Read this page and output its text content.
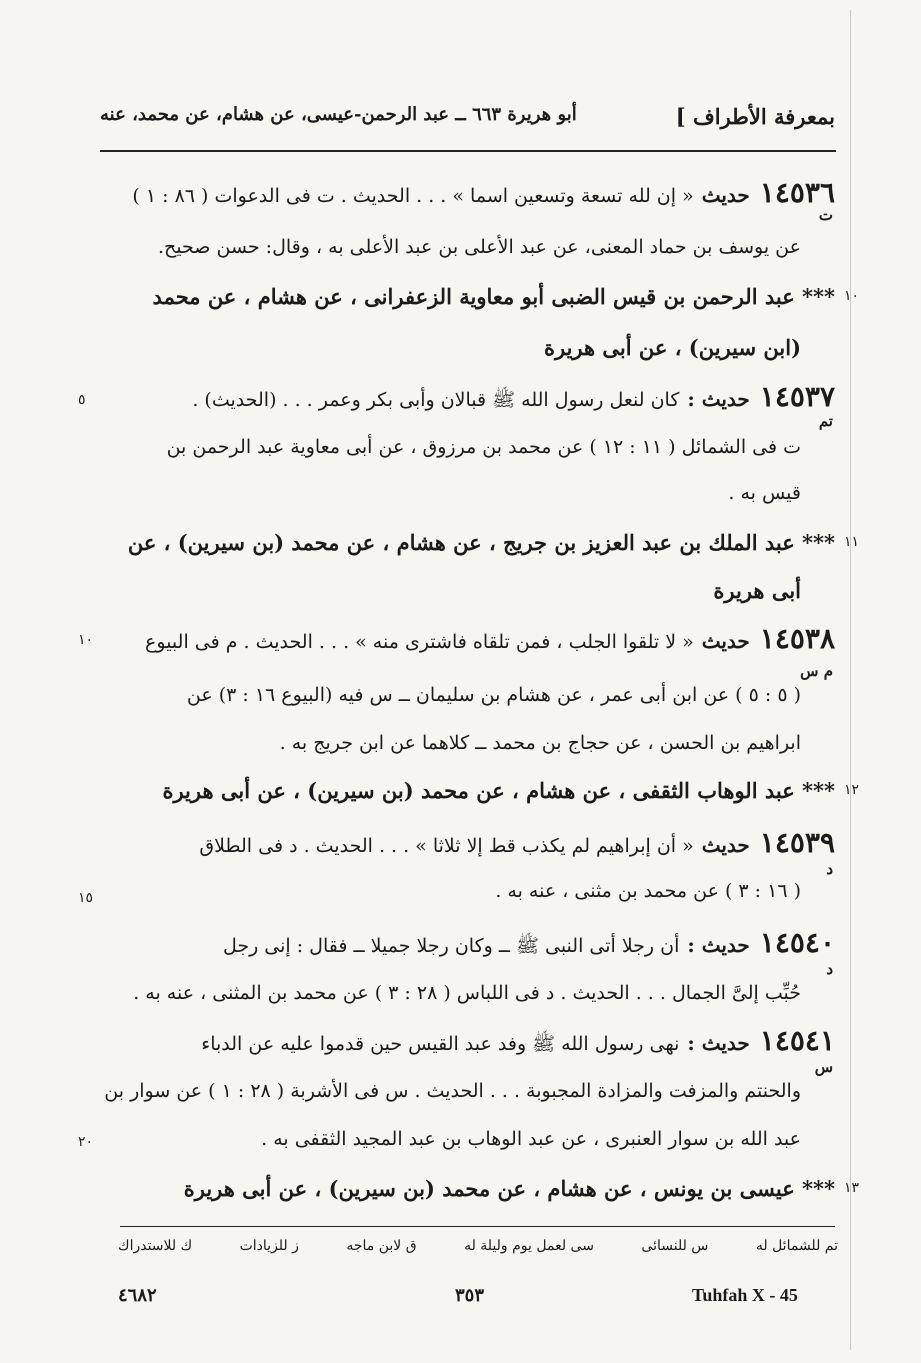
بمعرفة الأطراف ]
أبو هريرة ٦٦٣ ــ عبد الرحمن-عيسى، عن هشام، عن محمد، عنه
١٤٥٣٦حديث« إن لله تسعة وتسعين اسما » . . . الحديث . ت فى الدعوات ( ٨٦ : ١ )
ت
عن يوسف بن حماد المعنى، عن عبد الأعلى بن عبد الأعلى به ، وقال: حسن صحيح.
١٠
*** عبد الرحمن بن قيس الضبى أبو معاوية الزعفرانى ، عن هشام ، عن محمد
(ابن سيرين) ، عن أبى هريرة
٥	١٤٥٣٧حديث :كان لنعل رسول الله ﷺ قبالان وأبى بكر وعمر . . . (الحديث) .
تم
ت فى الشمائل ( ١١ : ١٢ ) عن محمد بن مرزوق ، عن أبى معاوية عبد الرحمن بن
قيس به .
١١
*** عبد الملك بن عبد العزيز بن جريج ، عن هشام ، عن محمد (بن سيرين) ، عن
أبى هريرة
١٠	١٤٥٣٨حديث« لا تلقوا الجلب ، فمن تلقاه فاشترى منه » . . . الحديث . م فى البيوع
م س
( ٥ : ٥ ) عن ابن أبى عمر ، عن هشام بن سليمان ــ س فيه (البيوع ١٦ : ٣) عن
ابراهيم بن الحسن ، عن حجاج بن محمد ــ كلاهما عن ابن جريج به .
١٢
*** عبد الوهاب الثقفى ، عن هشام ، عن محمد (بن سيرين) ، عن أبى هريرة
١٤٥٣٩حديث« أن إبراهيم لم يكذب قط إلا ثلاثا » . . . الحديث . د فى الطلاق
د
١٥	( ١٦ : ٣ ) عن محمد بن مثنى ، عنه به .
١٤٥٤٠حديث :أن رجلا أتى النبى ﷺ ــ وكان رجلا جميلا ــ فقال : إنى رجل
د
حُبِّب إلىَّ الجمال . . . الحديث . د فى اللباس ( ٢٨ : ٣ ) عن محمد بن المثنى ، عنه به .
١٤٥٤١حديث :نهى رسول الله ﷺ وفد عبد القيس حين قدموا عليه عن الدباء
س
والحنتم والمزفت والمزادة المجبوبة . . . الحديث . س فى الأشربة ( ٢٨ : ١ ) عن سوار بن
٢٠	عبد الله بن سوار العنبرى ، عن عبد الوهاب بن عبد المجيد الثقفى به .
١٣
*** عيسى بن يونس ، عن هشام ، عن محمد (بن سيرين) ، عن أبى هريرة
تم للشمائل له
س للنسائى
سى لعمل يوم وليلة له
ق لابن ماجه
ز للزيادات
ك للاستدراك
٤٦٨٢	٣٥٣	Tuhfah X - 45
